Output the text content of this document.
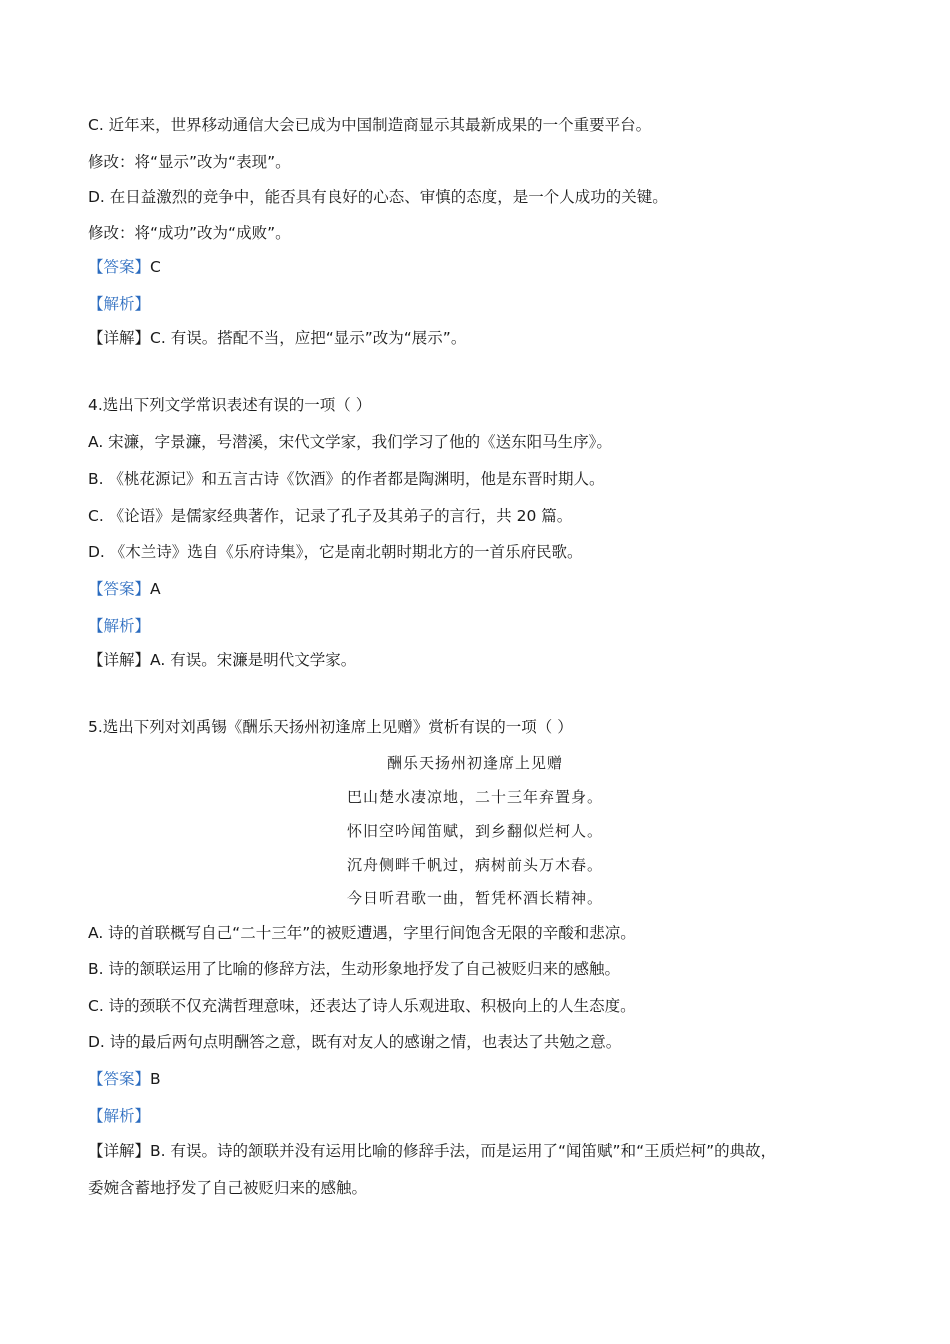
C. 近年来，世界移动通信大会已成为中国制造商显示其最新成果的一个重要平台。
修改：将“显示”改为“表现”。
D. 在日益激烈的竞争中，能否具有良好的心态、审慎的态度，是一个人成功的关键。
修改：将“成功”改为“成败”。
【答案】C
【解析】
【详解】C. 有误。搭配不当，应把“显示”改为“展示”。
4.选出下列文学常识表述有误的一项（ ）
A. 宋濂，字景濂，号潜溪，宋代文学家，我们学习了他的《送东阳马生序》。
B. 《桃花源记》和五言古诗《饮酒》的作者都是陶渊明，他是东晋时期人。
C. 《论语》是儒家经典著作，记录了孔子及其弟子的言行，共 20 篇。
D. 《木兰诗》选自《乐府诗集》，它是南北朝时期北方的一首乐府民歌。
【答案】A
【解析】
【详解】A. 有误。宋濂是明代文学家。
5.选出下列对刘禹锡《酬乐天扬州初逢席上见赠》赏析有误的一项（ ）
酬乐天扬州初逢席上见赠
巴山楚水凄凉地，二十三年弃置身。
怀旧空吟闻笛赋，到乡翻似烂柯人。
沉舟侧畔千帆过，病树前头万木春。
今日听君歌一曲，暂凭杯酒长精神。
A. 诗的首联概写自己“二十三年”的被贬遭遇，字里行间饱含无限的辛酸和悲凉。
B. 诗的颔联运用了比喻的修辞方法，生动形象地抒发了自己被贬归来的感触。
C. 诗的颈联不仅充满哲理意味，还表达了诗人乐观进取、积极向上的人生态度。
D. 诗的最后两句点明酬答之意，既有对友人的感谢之情，也表达了共勉之意。
【答案】B
【解析】
【详解】B. 有误。诗的颔联并没有运用比喻的修辞手法，而是运用了“闻笛赋”和“王质烂柯”的典故，
委婉含蓄地抒发了自己被贬归来的感触。
